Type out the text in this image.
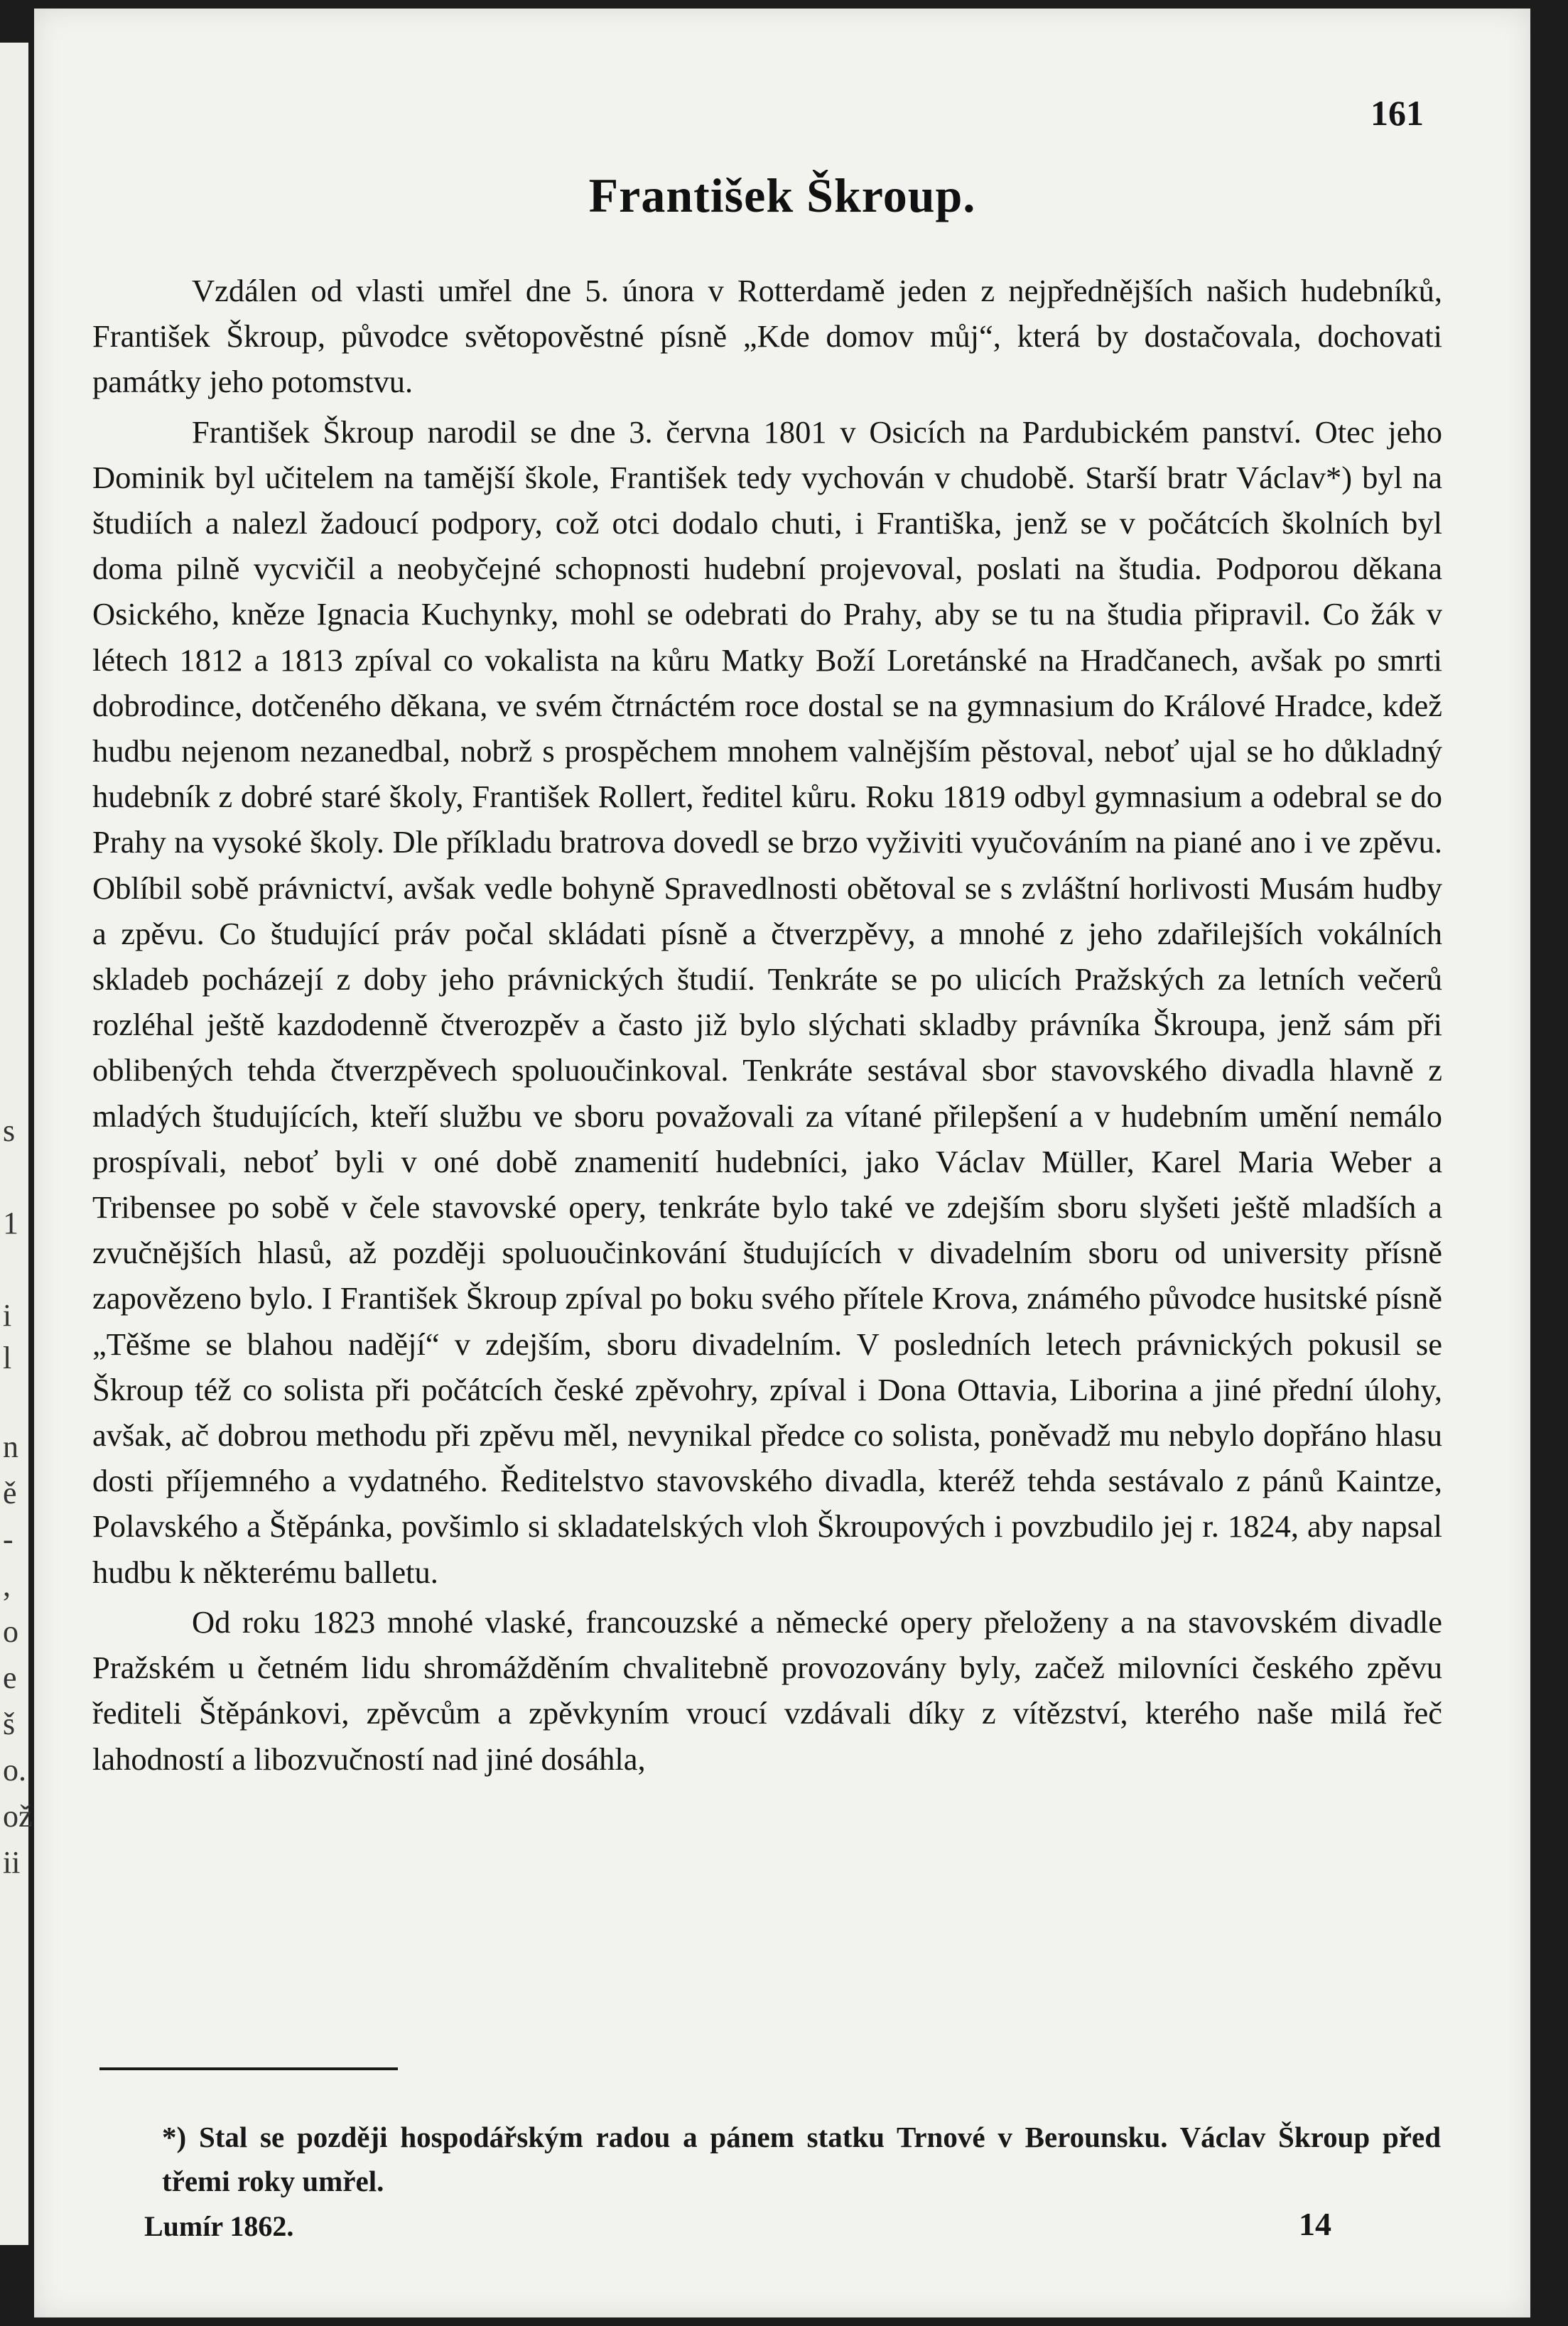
s
1
i
l
n
ě
-
,
o
e
š
o.
ož
ii
161
František Škroup.

Vzdálen od vlasti umřel dne 5. února v Rotterdamě jeden z nejpřednějších našich hudebníků, František Škroup, původce světopověstné písně „Kde domov můj“, která by dostačovala, dochovati památky jeho potomstvu.

František Škroup narodil se dne 3. června 1801 v Osicích na Pardubickém panství. Otec jeho Dominik byl učitelem na tamější škole, František tedy vychován v chudobě. Starší bratr Václav*) byl na študiích a nalezl žadoucí podpory, což otci dodalo chuti, i Františka, jenž se v počátcích školních byl doma pilně vycvičil a neobyčejné schopnosti hudební projevoval, poslati na študia. Podporou děkana Osického, kněze Ignacia Kuchynky, mohl se odebrati do Prahy, aby se tu na študia připravil. Co žák v létech 1812 a 1813 zpíval co vokalista na kůru Matky Boží Loretánské na Hradčanech, avšak po smrti dobrodince, dotčeného děkana, ve svém čtrnáctém roce dostal se na gymnasium do Králové Hradce, kdež hudbu nejenom nezanedbal, nobrž s prospěchem mnohem valnějším pěstoval, neboť ujal se ho důkladný hudebník z dobré staré školy, František Rollert, ředitel kůru. Roku 1819 odbyl gymnasium a odebral se do Prahy na vysoké školy. Dle příkladu bratrova dovedl se brzo vyživiti vyučováním na piané ano i ve zpěvu. Oblíbil sobě právnictví, avšak vedle bohyně Spravedlnosti obětoval se s zvláštní horlivosti Musám hudby a zpěvu. Co študující práv počal skládati písně a čtverzpěvy, a mnohé z jeho zdařilejších vokálních skladeb pocházejí z doby jeho právnických študií. Tenkráte se po ulicích Pražských za letních večerů rozléhal ještě kazdodenně čtverozpěv a často již bylo slýchati skladby právníka Škroupa, jenž sám při oblibených tehda čtverzpěvech spoluoučinkoval. Tenkráte sestával sbor stavovského divadla hlavně z mladých študujících, kteří službu ve sboru považovali za vítané přilepšení a v hudebním umění nemálo prospívali, neboť byli v oné době znamenití hudebníci, jako Václav Müller, Karel Maria Weber a Tribensee po sobě v čele stavovské opery, tenkráte bylo také ve zdejším sboru slyšeti ještě mladších a zvučnějších hlasů, až později spoluoučinkování študujících v divadelním sboru od university přísně zapovězeno bylo. I František Škroup zpíval po boku svého přítele Krova, známého původce husitské písně „Těšme se blahou nadějí“ v zdejším, sboru divadelním. V posledních letech právnických pokusil se Škroup též co solista při počátcích české zpěvohry, zpíval i Dona Ottavia, Liborina a jiné přední úlohy, avšak, ač dobrou methodu při zpěvu měl, nevynikal předce co solista, poněvadž mu nebylo dopřáno hlasu dosti příjemného a vydatného. Ředitelstvo stavovského divadla, kteréž tehda sestávalo z pánů Kaintze, Polavského a Štěpánka, povšimlo si skladatelských vloh Škroupových i povzbudilo jej r. 1824, aby napsal hudbu k některému balletu.

Od roku 1823 mnohé vlaské, francouzské a německé opery přeloženy a na stavovském divadle Pražském u četném lidu shromážděním chvalitebně provozovány byly, začež milovníci českého zpěvu řediteli Štěpánkovi, zpěvcům a zpěvkyním vroucí vzdávali díky z vítězství, kterého naše milá řeč lahodností a libozvučností nad jiné dosáhla,

*) Stal se později hospodářským radou a pánem statku Trnové v Berounsku. Václav Škroup před třemi roky umřel.
Lumír 1862.	14
